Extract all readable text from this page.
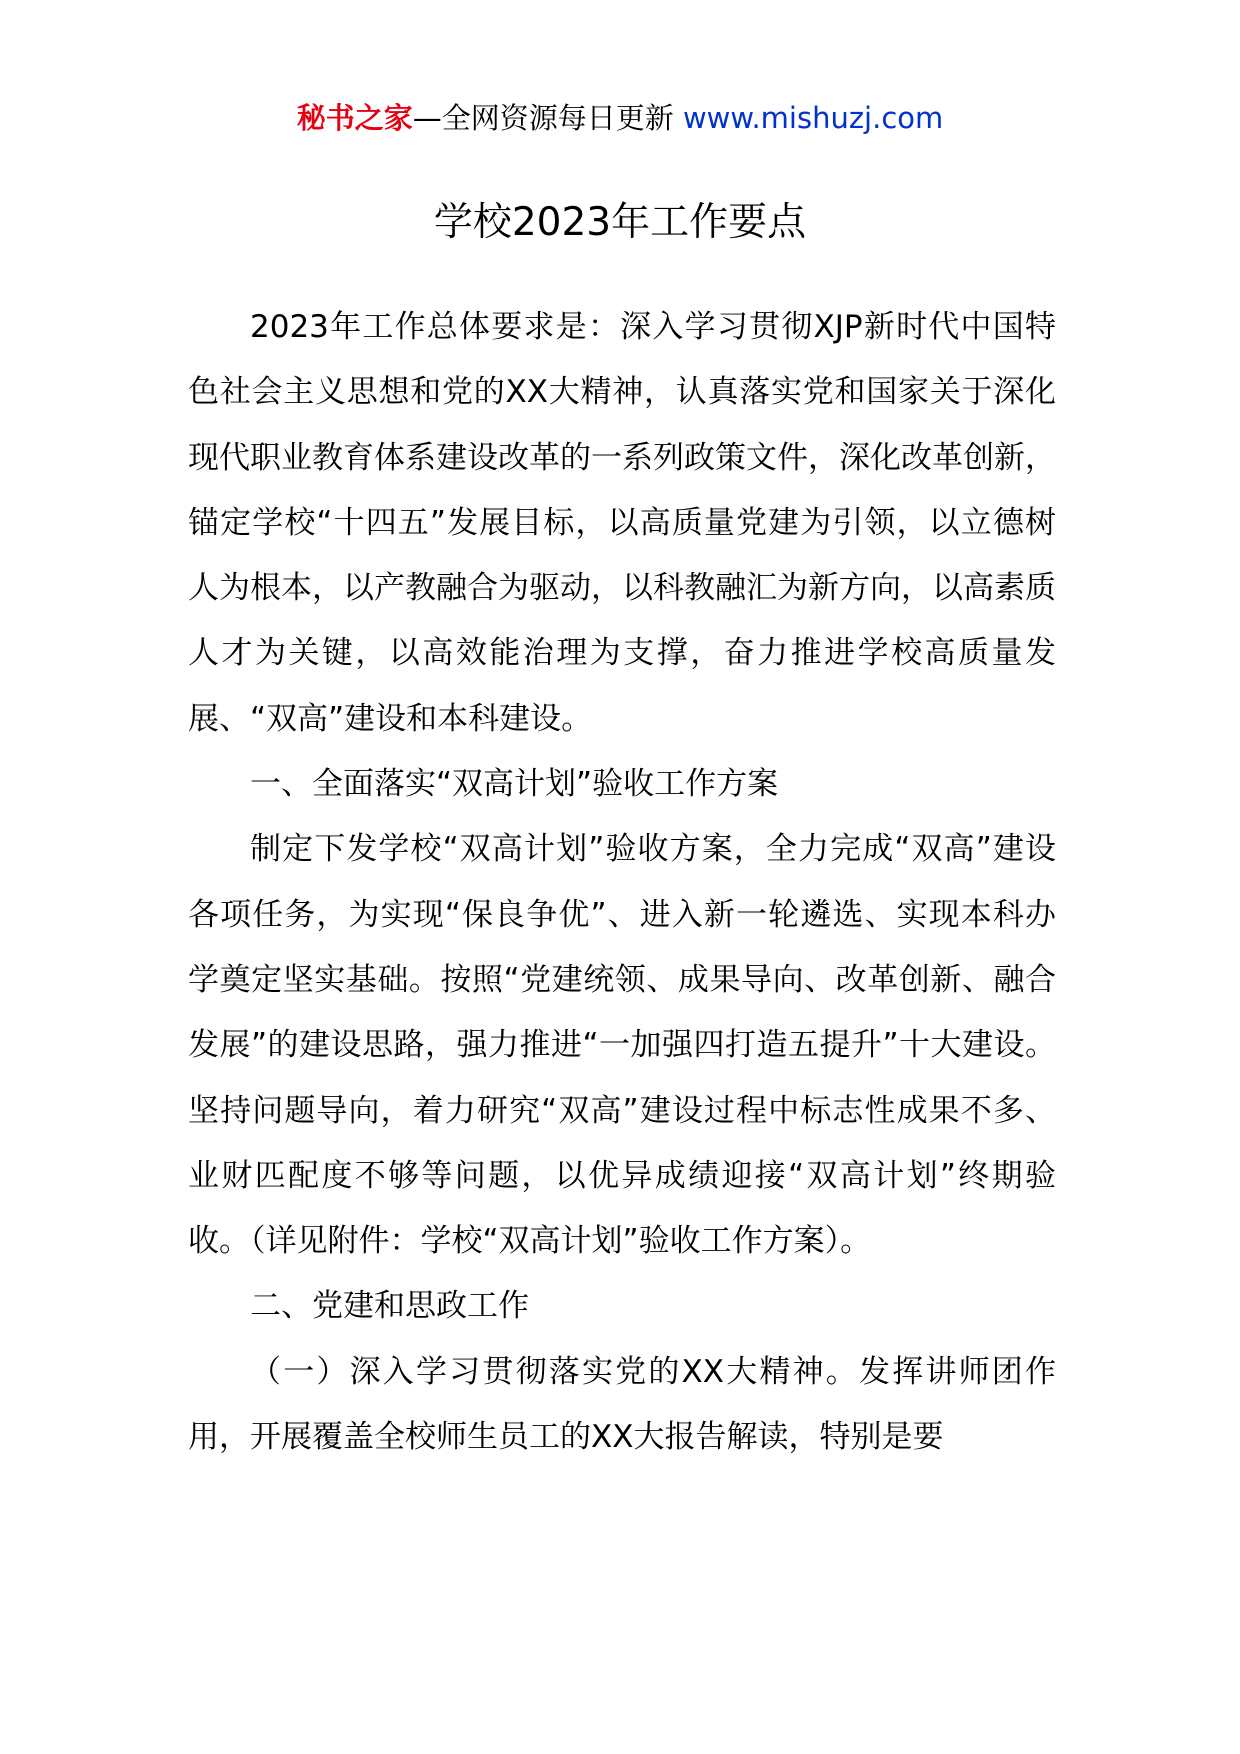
秘书之家—全网资源每日更新 www.mishuzj.com
学校2023年工作要点

2023年工作总体要求是：深入学习贯彻XJP新时代中国特色社会主义思想和党的XX大精神，认真落实党和国家关于深化现代职业教育体系建设改革的一系列政策文件，深化改革创新，锚定学校“十四五”发展目标，以高质量党建为引领，以立德树人为根本，以产教融合为驱动，以科教融汇为新方向，以高素质人才为关键，以高效能治理为支撑，奋力推进学校高质量发展、“双高”建设和本科建设。

一、全面落实“双高计划”验收工作方案

制定下发学校“双高计划”验收方案，全力完成“双高”建设各项任务，为实现“保良争优”、进入新一轮遴选、实现本科办学奠定坚实基础。按照“党建统领、成果导向、改革创新、融合发展”的建设思路，强力推进“一加强四打造五提升”十大建设。坚持问题导向，着力研究“双高”建设过程中标志性成果不多、业财匹配度不够等问题，以优异成绩迎接“双高计划”终期验收。（详见附件：学校“双高计划”验收工作方案）。

二、党建和思政工作

（一）深入学习贯彻落实党的XX大精神。发挥讲师团作用，开展覆盖全校师生员工的XX大报告解读，特别是要
